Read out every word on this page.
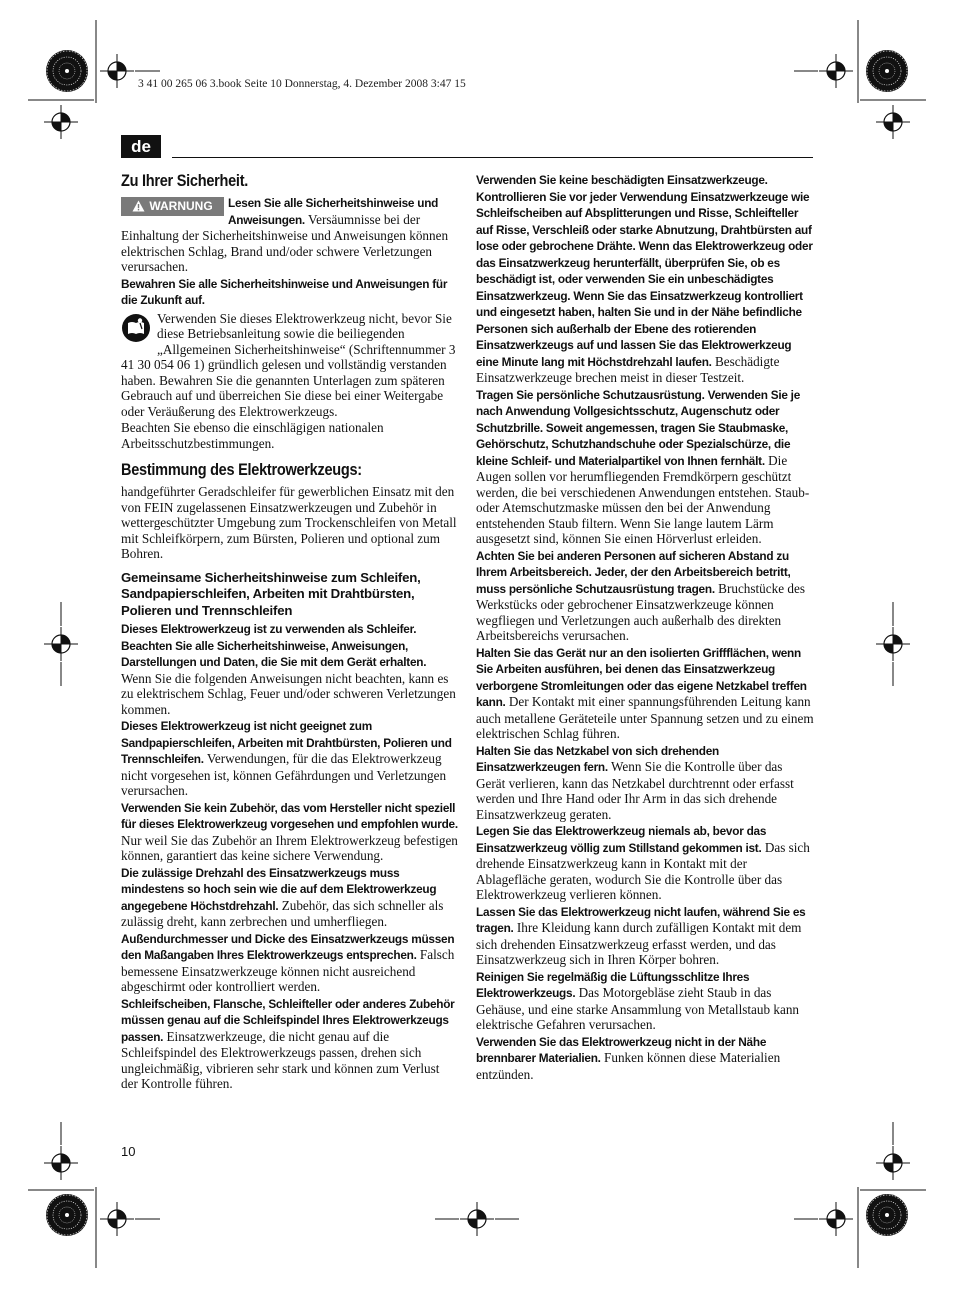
3 41 00 265 06 3.book Seite 10 Donnerstag, 4. Dezember 2008 3:47 15
de
Zu Ihrer Sicherheit.

WARNUNG	Lesen Sie alle Sicherheitshinweise und Anweisungen. Versäumnisse bei der Einhaltung der Sicherheitshinweise und Anweisungen können elektrischen Schlag, Brand und/oder schwere Verletzungen verursachen.

Bewahren Sie alle Sicherheitshinweise und Anweisungen für die Zukunft auf.

Verwenden Sie dieses Elektrowerkzeug nicht, bevor Sie diese Betriebsanleitung sowie die beiliegenden „Allgemeinen Sicherheitshinweise“ (Schriftennummer 3 41 30 054 06 1) gründlich gelesen und vollständig verstanden haben. Bewahren Sie die genannten Unterlagen zum späteren Gebrauch auf und überreichen Sie diese bei einer Weitergabe oder Veräußerung des Elektrowerkzeugs.

Beachten Sie ebenso die einschlägigen nationalen Arbeitsschutzbestimmungen.

Bestimmung des Elektrowerkzeugs:

handgeführter Geradschleifer für gewerblichen Einsatz mit den von FEIN zugelassenen Einsatzwerkzeugen und Zubehör in wettergeschützter Umgebung zum Trockenschleifen von Metall mit Schleifkörpern, zum Bürsten, Polieren und optional zum Bohren.

Gemeinsame Sicherheitshinweise zum Schleifen, Sandpapierschleifen, Arbeiten mit Drahtbürsten, Polieren und Trennschleifen

Dieses Elektrowerkzeug ist zu verwenden als Schleifer. Beachten Sie alle Sicherheitshinweise, Anweisungen, Darstellungen und Daten, die Sie mit dem Gerät erhalten. Wenn Sie die folgenden Anweisungen nicht beachten, kann es zu elektrischem Schlag, Feuer und/oder schweren Verletzungen kommen.

Dieses Elektrowerkzeug ist nicht geeignet zum Sandpapierschleifen, Arbeiten mit Drahtbürsten, Polieren und Trennschleifen. Verwendungen, für die das Elektrowerkzeug nicht vorgesehen ist, können Gefährdungen und Verletzungen verursachen.

Verwenden Sie kein Zubehör, das vom Hersteller nicht speziell für dieses Elektrowerkzeug vorgesehen und empfohlen wurde. Nur weil Sie das Zubehör an Ihrem Elektrowerkzeug befestigen können, garantiert das keine sichere Verwendung.

Die zulässige Drehzahl des Einsatzwerkzeugs muss mindestens so hoch sein wie die auf dem Elektrowerkzeug angegebene Höchstdrehzahl. Zubehör, das sich schneller als zulässig dreht, kann zerbrechen und umherfliegen.

Außendurchmesser und Dicke des Einsatzwerkzeugs müssen den Maßangaben Ihres Elektrowerkzeugs entsprechen. Falsch bemessene Einsatzwerkzeuge können nicht ausreichend abgeschirmt oder kontrolliert werden.

Schleifscheiben, Flansche, Schleifteller oder anderes Zubehör müssen genau auf die Schleifspindel Ihres Elektrowerkzeugs passen. Einsatzwerkzeuge, die nicht genau auf die Schleifspindel des Elektrowerkzeugs passen, drehen sich ungleichmäßig, vibrieren sehr stark und können zum Verlust der Kontrolle führen.

Verwenden Sie keine beschädigten Einsatzwerkzeuge. Kontrollieren Sie vor jeder Verwendung Einsatzwerkzeuge wie Schleifscheiben auf Absplitterungen und Risse, Schleifteller auf Risse, Verschleiß oder starke Abnutzung, Drahtbürsten auf lose oder gebrochene Drähte. Wenn das Elektrowerkzeug oder das Einsatzwerkzeug herunterfällt, überprüfen Sie, ob es beschädigt ist, oder verwenden Sie ein unbeschädigtes Einsatzwerkzeug. Wenn Sie das Einsatzwerkzeug kontrolliert und eingesetzt haben, halten Sie und in der Nähe befindliche Personen sich außerhalb der Ebene des rotierenden Einsatzwerkzeugs auf und lassen Sie das Elektrowerkzeug eine Minute lang mit Höchstdrehzahl laufen. Beschädigte Einsatzwerkzeuge brechen meist in dieser Testzeit.

Tragen Sie persönliche Schutzausrüstung. Verwenden Sie je nach Anwendung Vollgesichtsschutz, Augenschutz oder Schutzbrille. Soweit angemessen, tragen Sie Staubmaske, Gehörschutz, Schutzhandschuhe oder Spezialschürze, die kleine Schleif- und Materialpartikel von Ihnen fernhält. Die Augen sollen vor herumfliegenden Fremdkörpern geschützt werden, die bei verschiedenen Anwendungen entstehen. Staub- oder Atemschutzmaske müssen den bei der Anwendung entstehenden Staub filtern. Wenn Sie lange lautem Lärm ausgesetzt sind, können Sie einen Hörverlust erleiden.

Achten Sie bei anderen Personen auf sicheren Abstand zu Ihrem Arbeitsbereich. Jeder, der den Arbeitsbereich betritt, muss persönliche Schutzausrüstung tragen. Bruchstücke des Werkstücks oder gebrochener Einsatzwerkzeuge können wegfliegen und Verletzungen auch außerhalb des direkten Arbeitsbereichs verursachen.

Halten Sie das Gerät nur an den isolierten Griffflächen, wenn Sie Arbeiten ausführen, bei denen das Einsatzwerkzeug verborgene Stromleitungen oder das eigene Netzkabel treffen kann. Der Kontakt mit einer spannungsführenden Leitung kann auch metallene Geräteteile unter Spannung setzen und zu einem elektrischen Schlag führen.

Halten Sie das Netzkabel von sich drehenden Einsatzwerkzeugen fern. Wenn Sie die Kontrolle über das Gerät verlieren, kann das Netzkabel durchtrennt oder erfasst werden und Ihre Hand oder Ihr Arm in das sich drehende Einsatzwerkzeug geraten.

Legen Sie das Elektrowerkzeug niemals ab, bevor das Einsatzwerkzeug völlig zum Stillstand gekommen ist. Das sich drehende Einsatzwerkzeug kann in Kontakt mit der Ablagefläche geraten, wodurch Sie die Kontrolle über das Elektrowerkzeug verlieren können.

Lassen Sie das Elektrowerkzeug nicht laufen, während Sie es tragen. Ihre Kleidung kann durch zufälligen Kontakt mit dem sich drehenden Einsatzwerkzeug erfasst werden, und das Einsatzwerkzeug sich in Ihren Körper bohren.

Reinigen Sie regelmäßig die Lüftungsschlitze Ihres Elektrowerkzeugs. Das Motorgebläse zieht Staub in das Gehäuse, und eine starke Ansammlung von Metallstaub kann elektrische Gefahren verursachen.

Verwenden Sie das Elektrowerkzeug nicht in der Nähe brennbarer Materialien. Funken können diese Materialien entzünden.

10
